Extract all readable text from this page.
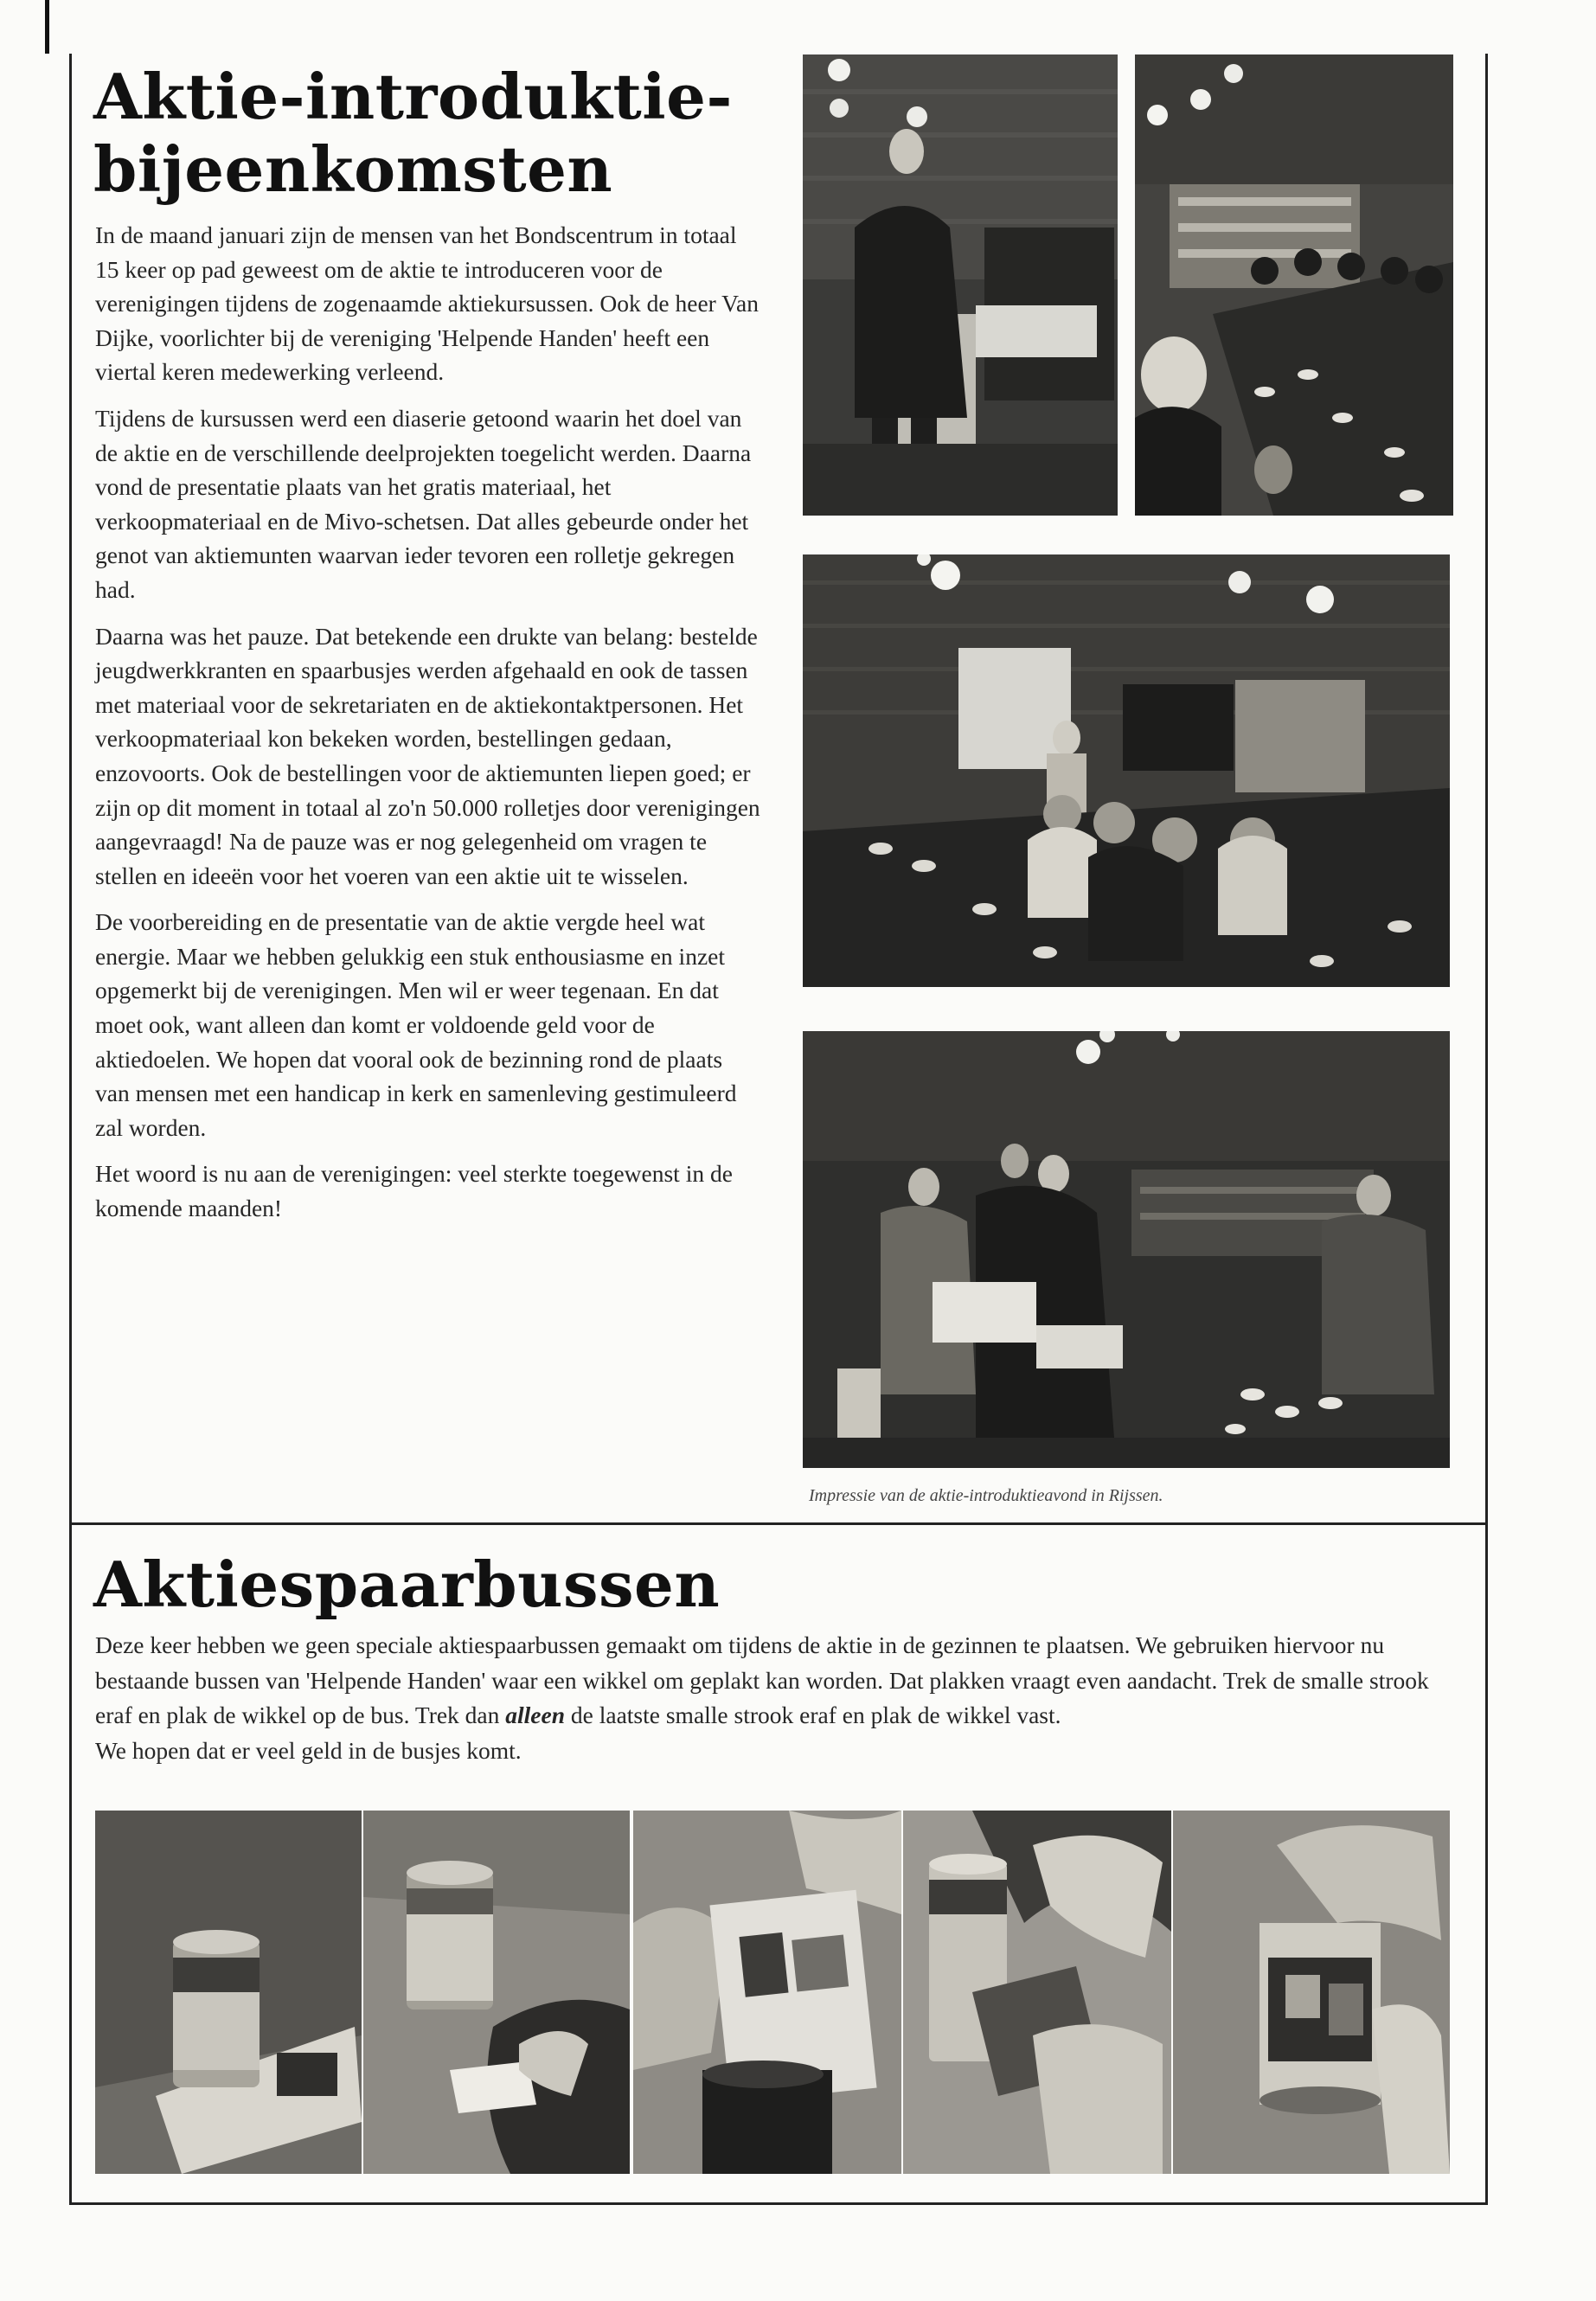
Aktie-introduktie-
bijeenkomsten

In de maand januari zijn de mensen van het Bondscentrum in totaal 15 keer op pad geweest om de aktie te introduceren voor de verenigingen tijdens de zogenaamde aktiekursussen. Ook de heer Van Dijke, voorlichter bij de vereniging 'Helpende Handen' heeft een viertal keren medewerking verleend.

Tijdens de kursussen werd een diaserie getoond waarin het doel van de aktie en de verschillende deelprojekten toegelicht werden. Daarna vond de presentatie plaats van het gratis materiaal, het verkoopmateriaal en de Mivo-schetsen. Dat alles gebeurde onder het genot van aktiemunten waarvan ieder tevoren een rolletje gekregen had.

Daarna was het pauze. Dat betekende een drukte van belang: bestelde jeugdwerkkranten en spaarbusjes werden afgehaald en ook de tassen met materiaal voor de sekretariaten en de aktiekontaktpersonen. Het verkoopmateriaal kon bekeken worden, bestellingen gedaan, enzovoorts. Ook de bestellingen voor de aktiemunten liepen goed; er zijn op dit moment in totaal al zo'n 50.000 rolletjes door verenigingen aangevraagd! Na de pauze was er nog gelegenheid om vragen te stellen en ideeën voor het voeren van een aktie uit te wisselen.

De voorbereiding en de presentatie van de aktie vergde heel wat energie. Maar we hebben gelukkig een stuk enthousiasme en inzet opgemerkt bij de verenigingen. Men wil er weer tegenaan. En dat moet ook, want alleen dan komt er voldoende geld voor de aktiedoelen. We hopen dat vooral ook de bezinning rond de plaats van mensen met een handicap in kerk en samenleving gestimuleerd zal worden.

Het woord is nu aan de verenigingen: veel sterkte toegewenst in de komende maanden!

Impressie van de aktie-introduktieavond in Rijssen.
Aktiespaarbussen

Deze keer hebben we geen speciale aktiespaarbussen gemaakt om tijdens de aktie in de gezinnen te plaatsen. We gebruiken hiervoor nu bestaande bussen van 'Helpende Handen' waar een wikkel om geplakt kan worden. Dat plakken vraagt even aandacht. Trek de smalle strook eraf en plak de wikkel op de bus. Trek dan alleen de laatste smalle strook eraf en plak de wikkel vast.

We hopen dat er veel geld in de busjes komt.
